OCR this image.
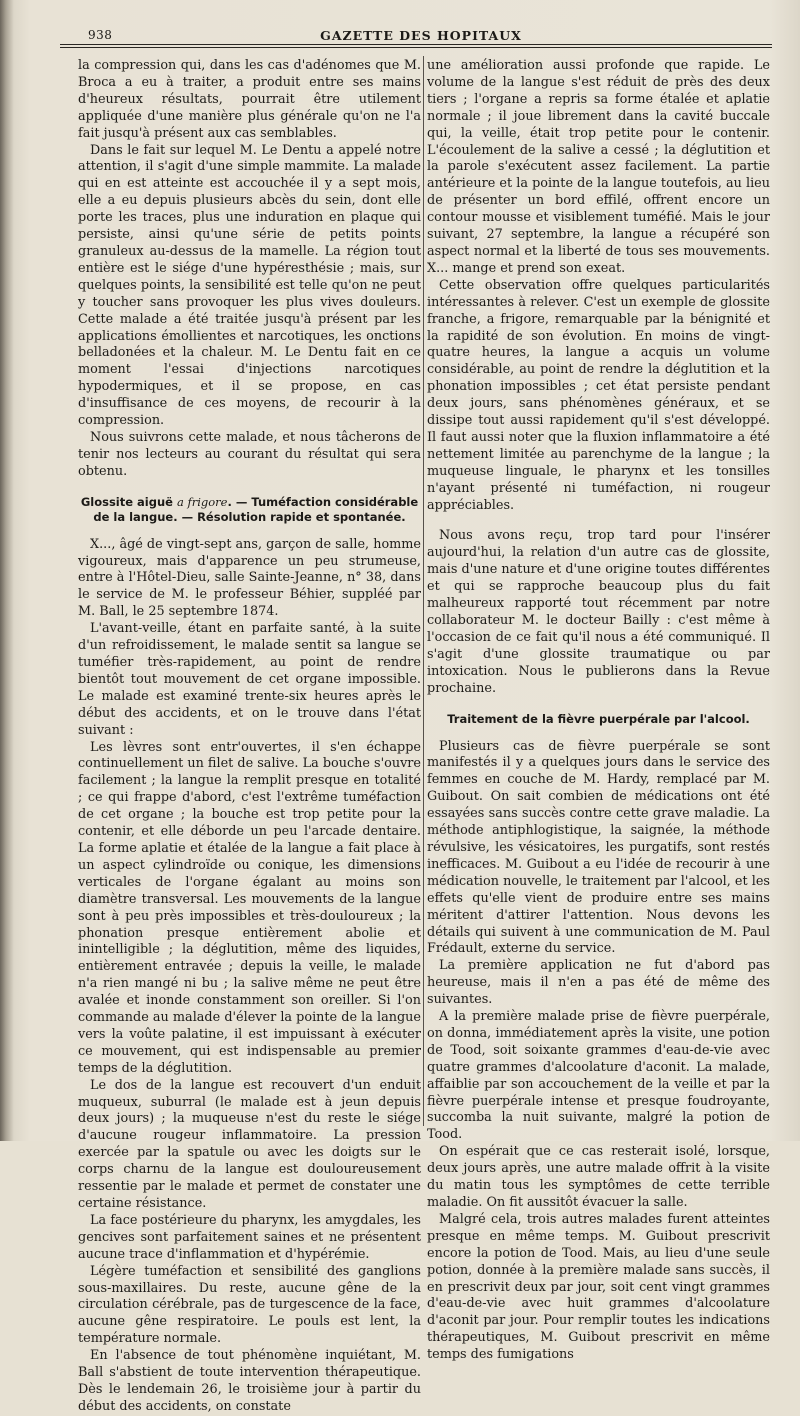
938	GAZETTE DES HOPITAUX

la compression qui, dans les cas d'adénomes que M. Broca a eu à traiter, a produit entre ses mains d'heureux résultats, pourrait être utilement appliquée d'une manière plus générale qu'on ne l'a fait jusqu'à présent aux cas semblables.

Dans le fait sur lequel M. Le Dentu a appelé notre attention, il s'agit d'une simple mammite. La malade qui en est atteinte est accouchée il y a sept mois, elle a eu depuis plusieurs abcès du sein, dont elle porte les traces, plus une induration en plaque qui persiste, ainsi qu'une série de petits points granuleux au-dessus de la mamelle. La région tout entière est le siége d'une hypéresthésie ; mais, sur quelques points, la sensibilité est telle qu'on ne peut y toucher sans provoquer les plus vives douleurs. Cette malade a été traitée jusqu'à présent par les applications émollientes et narcotiques, les onctions belladonées et la chaleur. M. Le Dentu fait en ce moment l'essai d'injections narcotiques hypodermiques, et il se propose, en cas d'insuffisance de ces moyens, de recourir à la compression.

Nous suivrons cette malade, et nous tâcherons de tenir nos lecteurs au courant du résultat qui sera obtenu.

Glossite aiguë a frigore. — Tuméfaction considérable de la langue. — Résolution rapide et spontanée.

X..., âgé de vingt-sept ans, garçon de salle, homme vigoureux, mais d'apparence un peu strumeuse, entre à l'Hôtel-Dieu, salle Sainte-Jeanne, n° 38, dans le service de M. le professeur Béhier, suppléé par M. Ball, le 25 septembre 1874.

L'avant-veille, étant en parfaite santé, à la suite d'un refroidissement, le malade sentit sa langue se tuméfier très-rapidement, au point de rendre bientôt tout mouvement de cet organe impossible. Le malade est examiné trente-six heures après le début des accidents, et on le trouve dans l'état suivant :

Les lèvres sont entr'ouvertes, il s'en échappe continuellement un filet de salive. La bouche s'ouvre facilement ; la langue la remplit presque en totalité ; ce qui frappe d'abord, c'est l'extrême tuméfaction de cet organe ; la bouche est trop petite pour la contenir, et elle déborde un peu l'arcade dentaire. La forme aplatie et étalée de la langue a fait place à un aspect cylindroïde ou conique, les dimensions verticales de l'organe égalant au moins son diamètre transversal. Les mouvements de la langue sont à peu près impossibles et très-douloureux ; la phonation presque entièrement abolie et inintelligible ; la déglutition, même des liquides, entièrement entravée ; depuis la veille, le malade n'a rien mangé ni bu ; la salive même ne peut être avalée et inonde constamment son oreiller. Si l'on commande au malade d'élever la pointe de la langue vers la voûte palatine, il est impuissant à exécuter ce mouvement, qui est indispensable au premier temps de la déglutition.

Le dos de la langue est recouvert d'un enduit muqueux, suburral (le malade est à jeun depuis deux jours) ; la muqueuse n'est du reste le siége d'aucune rougeur inflammatoire. La pression exercée par la spatule ou avec les doigts sur le corps charnu de la langue est douloureusement ressentie par le malade et permet de constater une certaine résistance.

La face postérieure du pharynx, les amygdales, les gencives sont parfaitement saines et ne présentent aucune trace d'inflammation et d'hypérémie.

Légère tuméfaction et sensibilité des ganglions sous-maxillaires. Du reste, aucune gêne de la circulation cérébrale, pas de turgescence de la face, aucune gêne respiratoire. Le pouls est lent, la température normale.

En l'absence de tout phénomène inquiétant, M. Ball s'abstient de toute intervention thérapeutique. Dès le lendemain 26, le troisième jour à partir du début des accidents, on constate

une amélioration aussi profonde que rapide. Le volume de la langue s'est réduit de près des deux tiers ; l'organe a repris sa forme étalée et aplatie normale ; il joue librement dans la cavité buccale qui, la veille, était trop petite pour le contenir. L'écoulement de la salive a cessé ; la déglutition et la parole s'exécutent assez facilement. La partie antérieure et la pointe de la langue toutefois, au lieu de présenter un bord effilé, offrent encore un contour mousse et visiblement tuméfié. Mais le jour suivant, 27 septembre, la langue a récupéré son aspect normal et la liberté de tous ses mouvements. X... mange et prend son exeat.

Cette observation offre quelques particularités intéressantes à relever. C'est un exemple de glossite franche, a frigore, remarquable par la bénignité et la rapidité de son évolution. En moins de vingt-quatre heures, la langue a acquis un volume considérable, au point de rendre la déglutition et la phonation impossibles ; cet état persiste pendant deux jours, sans phénomènes généraux, et se dissipe tout aussi rapidement qu'il s'est développé. Il faut aussi noter que la fluxion inflammatoire a été nettement limitée au parenchyme de la langue ; la muqueuse linguale, le pharynx et les tonsilles n'ayant présenté ni tuméfaction, ni rougeur appréciables.

Nous avons reçu, trop tard pour l'insérer aujourd'hui, la relation d'un autre cas de glossite, mais d'une nature et d'une origine toutes différentes et qui se rapproche beaucoup plus du fait malheureux rapporté tout récemment par notre collaborateur M. le docteur Bailly : c'est même à l'occasion de ce fait qu'il nous a été communiqué. Il s'agit d'une glossite traumatique ou par intoxication. Nous le publierons dans la Revue prochaine.

Traitement de la fièvre puerpérale par l'alcool.

Plusieurs cas de fièvre puerpérale se sont manifestés il y a quelques jours dans le service des femmes en couche de M. Hardy, remplacé par M. Guibout. On sait combien de médications ont été essayées sans succès contre cette grave maladie. La méthode antiphlogistique, la saignée, la méthode révulsive, les vésicatoires, les purgatifs, sont restés inefficaces. M. Guibout a eu l'idée de recourir à une médication nouvelle, le traitement par l'alcool, et les effets qu'elle vient de produire entre ses mains méritent d'attirer l'attention. Nous devons les détails qui suivent à une communication de M. Paul Frédault, externe du service.

La première application ne fut d'abord pas heureuse, mais il n'en a pas été de même des suivantes.

A la première malade prise de fièvre puerpérale, on donna, immédiatement après la visite, une potion de Tood, soit soixante grammes d'eau-de-vie avec quatre grammes d'alcoolature d'aconit. La malade, affaiblie par son accouchement de la veille et par la fièvre puerpérale intense et presque foudroyante, succomba la nuit suivante, malgré la potion de Tood.

On espérait que ce cas resterait isolé, lorsque, deux jours après, une autre malade offrit à la visite du matin tous les symptômes de cette terrible maladie. On fit aussitôt évacuer la salle.

Malgré cela, trois autres malades furent atteintes presque en même temps. M. Guibout prescrivit encore la potion de Tood. Mais, au lieu d'une seule potion, donnée à la première malade sans succès, il en prescrivit deux par jour, soit cent vingt grammes d'eau-de-vie avec huit grammes d'alcoolature d'aconit par jour. Pour remplir toutes les indications thérapeutiques, M. Guibout prescrivit en même temps des fumigations
